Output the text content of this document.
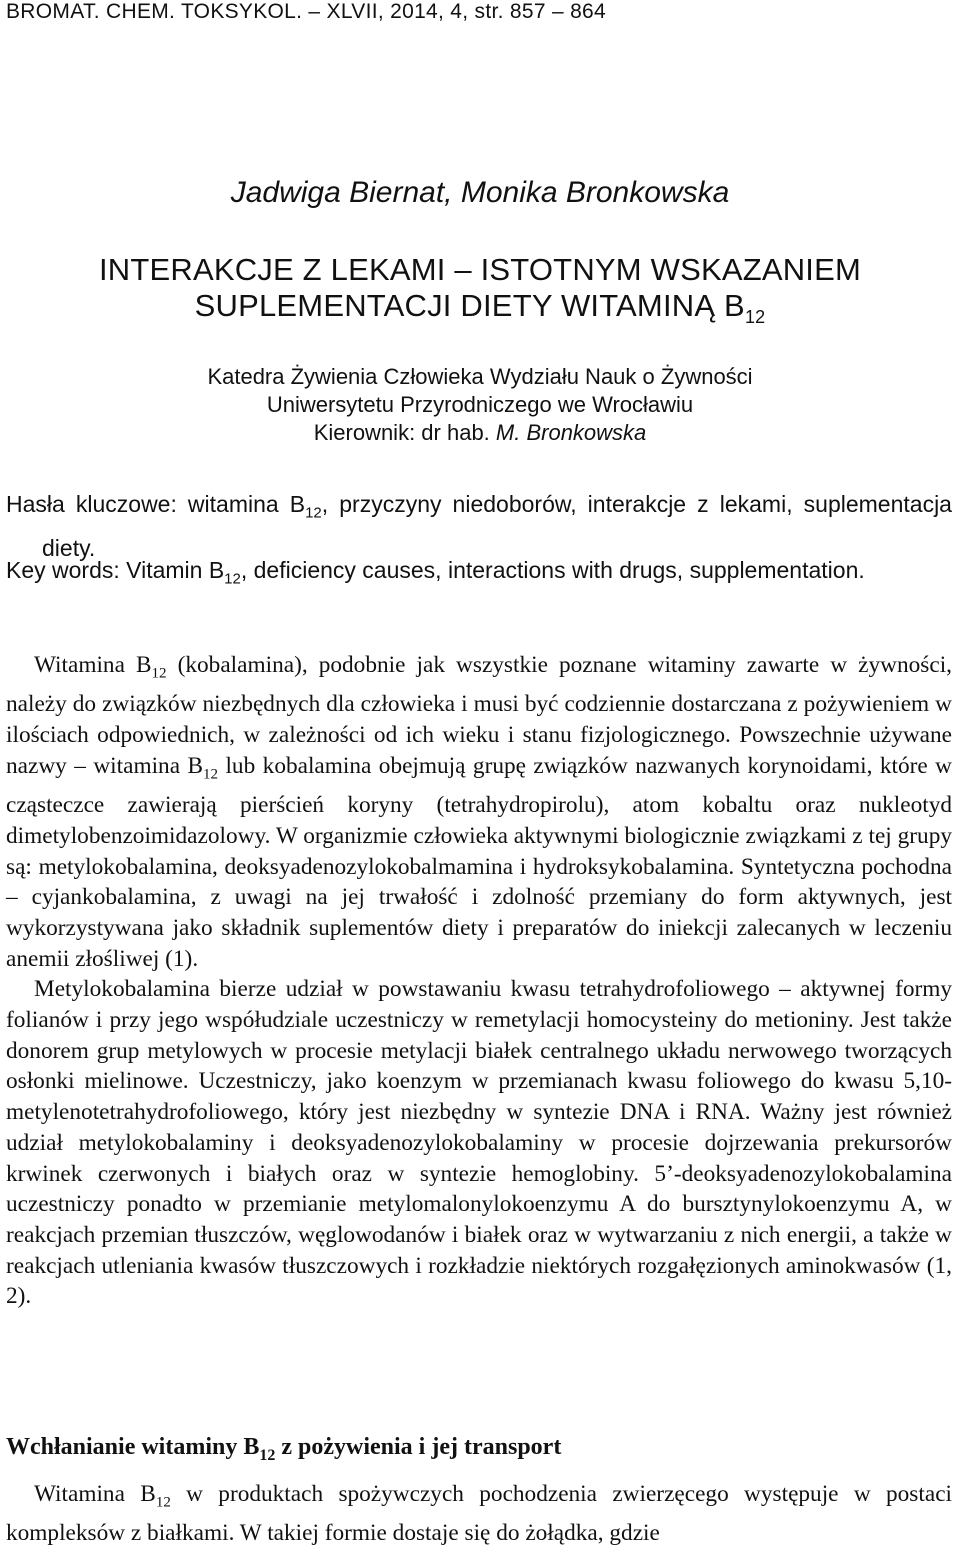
BROMAT. CHEM. TOKSYKOL. – XLVII, 2014, 4, str. 857 – 864
Jadwiga Biernat, Monika Bronkowska
INTERAKCJE Z LEKAMI – ISTOTNYM WSKAZANIEM
SUPLEMENTACJI DIETY WITAMINĄ $B_{12}$
Katedra Żywienia Człowieka Wydziału Nauk o Żywności
Uniwersytetu Przyrodniczego we Wrocławiu
Kierownik: dr hab. M. Bronkowska
Hasła kluczowe: witamina $B_{12}$, przyczyny niedoborów, interakcje z lekami, suplementacja diety.
Key words: Vitamin $B_{12}$, deficiency causes, interactions with drugs, supplementation.

Witamina $B_{12}$ (kobalamina), podobnie jak wszystkie poznane witaminy zawarte w żywności, należy do związków niezbędnych dla człowieka i musi być codziennie dostarczana z pożywieniem w ilościach odpowiednich, w zależności od ich wieku i stanu fizjologicznego. Powszechnie używane nazwy – witamina $B_{12}$ lub kobalamina obejmują grupę związków nazwanych korynoidami, które w cząsteczce zawierają pierścień koryny (tetrahydropirolu), atom kobaltu oraz nukleotyd dimetylobenzoimidazolowy. W organizmie człowieka aktywnymi biologicznie związkami z tej grupy są: metylokobalamina, deoksyadenozylokobalmamina i hydroksykobalamina. Syntetyczna pochodna – cyjankobalamina, z uwagi na jej trwałość i zdolność przemiany do form aktywnych, jest wykorzystywana jako składnik suplementów diety i preparatów do iniekcji zalecanych w leczeniu anemii złośliwej (1).

Metylokobalamina bierze udział w powstawaniu kwasu tetrahydrofoliowego – aktywnej formy folianów i przy jego współudziale uczestniczy w remetylacji homocysteiny do metioniny. Jest także donorem grup metylowych w procesie metylacji białek centralnego układu nerwowego tworzących osłonki mielinowe. Uczestniczy, jako koenzym w przemianach kwasu foliowego do kwasu 5,10-metylenotetrahydrofoliowego, który jest niezbędny w syntezie DNA i RNA. Ważny jest również udział metylokobalaminy i deoksyadenozylokobalaminy w procesie dojrzewania prekursorów krwinek czerwonych i białych oraz w syntezie hemoglobiny. 5’-deoksyadenozylokobalamina uczestniczy ponadto w przemianie metylomalonylokoenzymu A do bursztynylokoenzymu A, w reakcjach przemian tłuszczów, węglowodanów i białek oraz w wytwarzaniu z nich energii, a także w reakcjach utleniania kwasów tłuszczowych i rozkładzie niektórych rozgałęzionych aminokwasów (1, 2).

Wchłanianie witaminy $B_{12}$ z pożywienia i jej transport

Witamina $B_{12}$ w produktach spożywczych pochodzenia zwierzęcego występuje w postaci kompleksów z białkami. W takiej formie dostaje się do żołądka, gdzie
